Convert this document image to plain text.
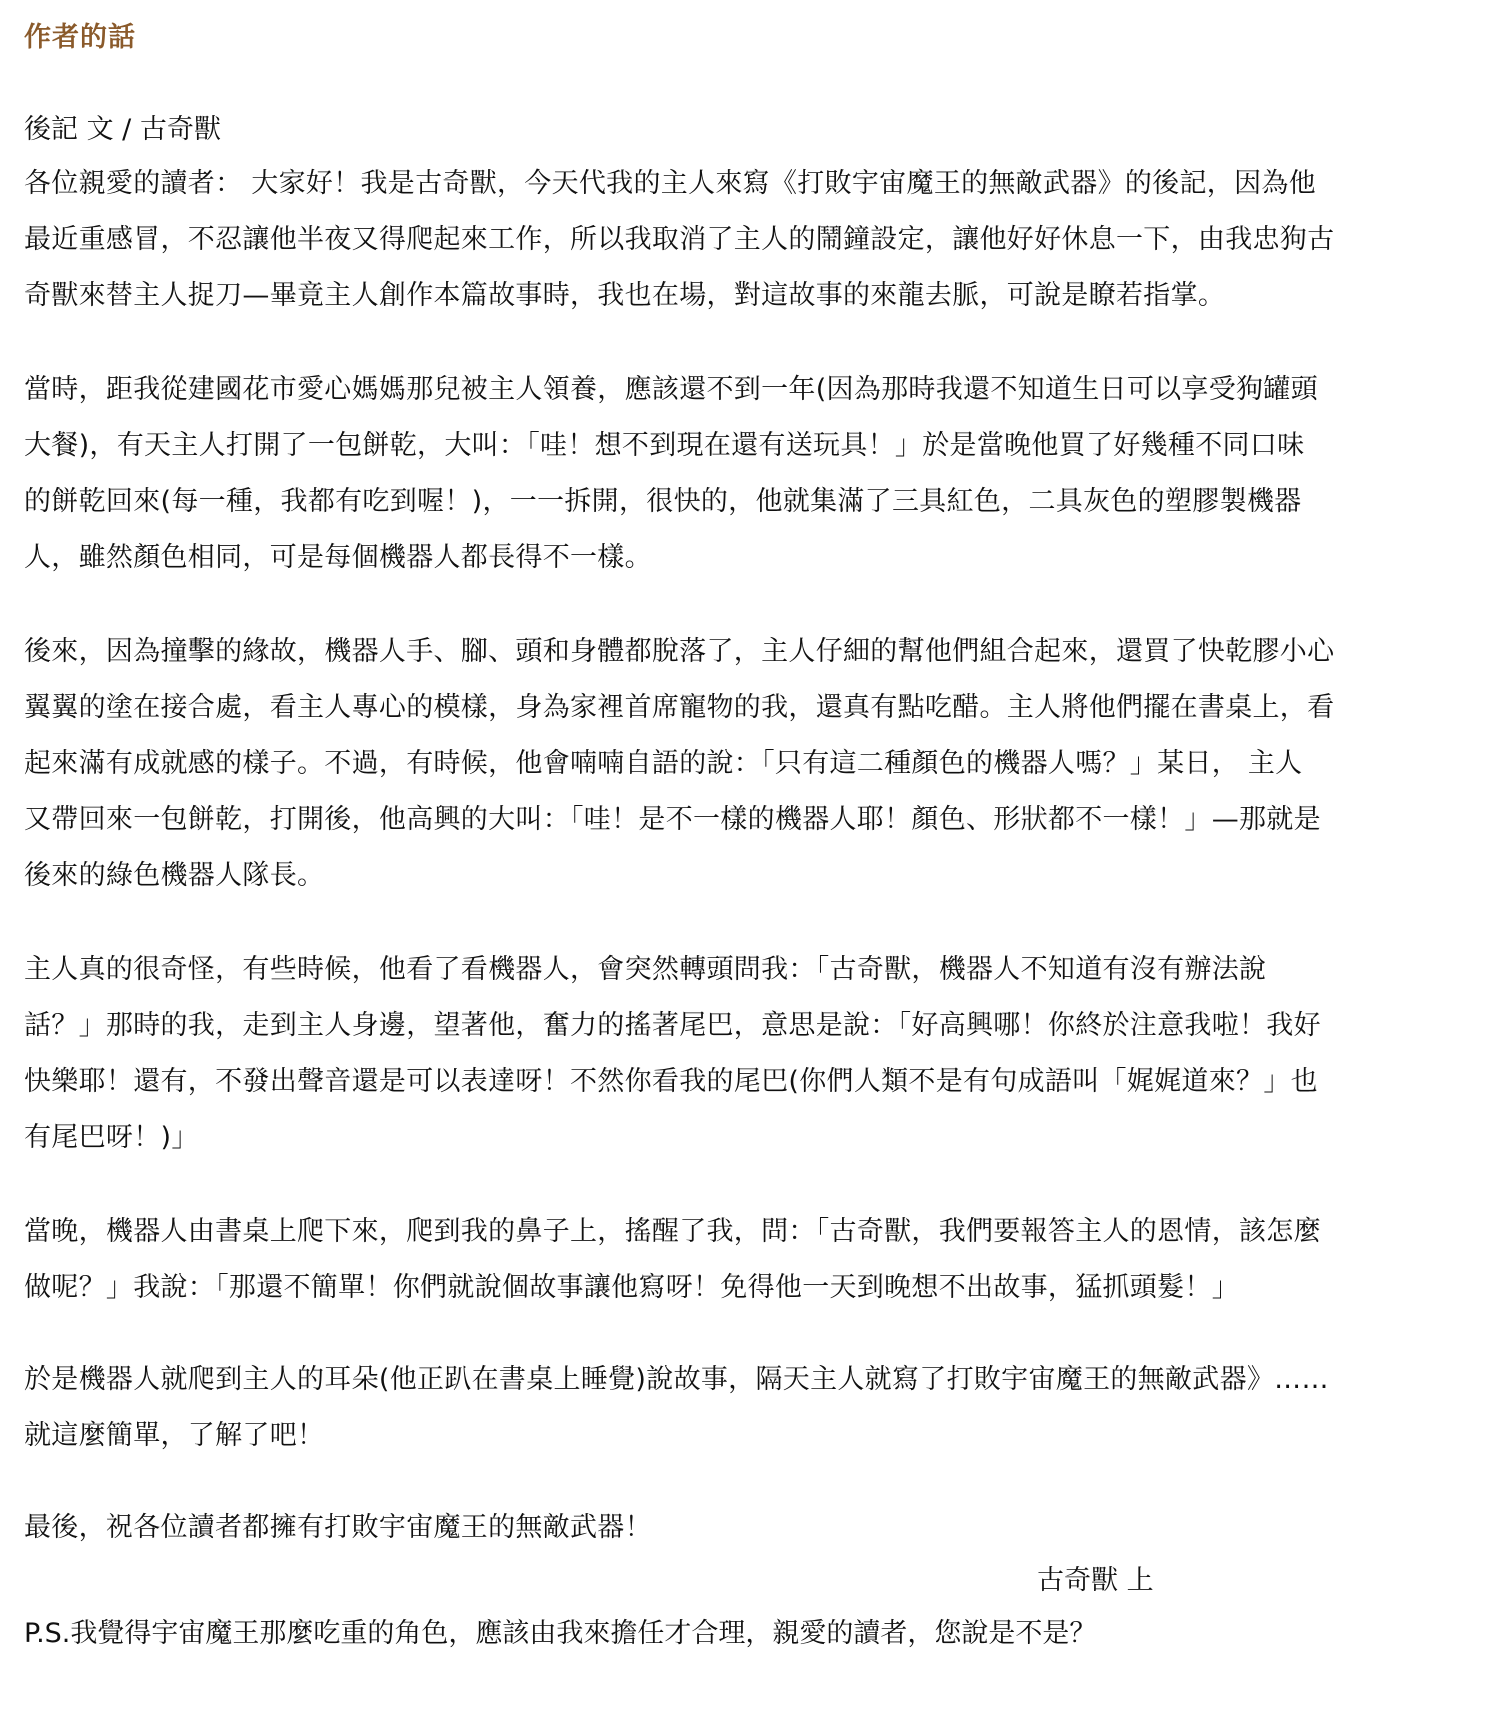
作者的話
後記 文 / 古奇獸

各位親愛的讀者： 大家好！我是古奇獸，今天代我的主人來寫《打敗宇宙魔王的無敵武器》的後記，因為他
最近重感冒，不忍讓他半夜又得爬起來工作，所以我取消了主人的鬧鐘設定，讓他好好休息一下，由我忠狗古
奇獸來替主人捉刀—畢竟主人創作本篇故事時，我也在場，對這故事的來龍去脈，可說是瞭若指掌。

當時，距我從建國花市愛心媽媽那兒被主人領養，應該還不到一年(因為那時我還不知道生日可以享受狗罐頭
大餐)，有天主人打開了一包餅乾，大叫：「哇！想不到現在還有送玩具！」於是當晚他買了好幾種不同口味
的餅乾回來(每一種，我都有吃到喔！)，一一拆開，很快的，他就集滿了三具紅色，二具灰色的塑膠製機器
人，雖然顏色相同，可是每個機器人都長得不一樣。

後來，因為撞擊的緣故，機器人手、腳、頭和身體都脫落了，主人仔細的幫他們組合起來，還買了快乾膠小心
翼翼的塗在接合處，看主人專心的模樣，身為家裡首席寵物的我，還真有點吃醋。主人將他們擺在書桌上，看
起來滿有成就感的樣子。不過，有時候，他會喃喃自語的說：「只有這二種顏色的機器人嗎？」某日， 主人
又帶回來一包餅乾，打開後，他高興的大叫：「哇！是不一樣的機器人耶！顏色、形狀都不一樣！」—那就是
後來的綠色機器人隊長。

主人真的很奇怪，有些時候，他看了看機器人，會突然轉頭問我：「古奇獸，機器人不知道有沒有辦法說
話？」那時的我，走到主人身邊，望著他，奮力的搖著尾巴，意思是說：「好高興哪！你終於注意我啦！我好
快樂耶！還有，不發出聲音還是可以表達呀！不然你看我的尾巴(你們人類不是有句成語叫「娓娓道來？」也
有尾巴呀！)」

當晚，機器人由書桌上爬下來，爬到我的鼻子上，搖醒了我，問：「古奇獸，我們要報答主人的恩情，該怎麼
做呢？」我說：「那還不簡單！你們就說個故事讓他寫呀！免得他一天到晚想不出故事，猛抓頭髮！」

於是機器人就爬到主人的耳朵(他正趴在書桌上睡覺)說故事，隔天主人就寫了打敗宇宙魔王的無敵武器》……
就這麼簡單，了解了吧！

最後，祝各位讀者都擁有打敗宇宙魔王的無敵武器！

古奇獸 上

P.S.我覺得宇宙魔王那麼吃重的角色，應該由我來擔任才合理，親愛的讀者，您說是不是？
